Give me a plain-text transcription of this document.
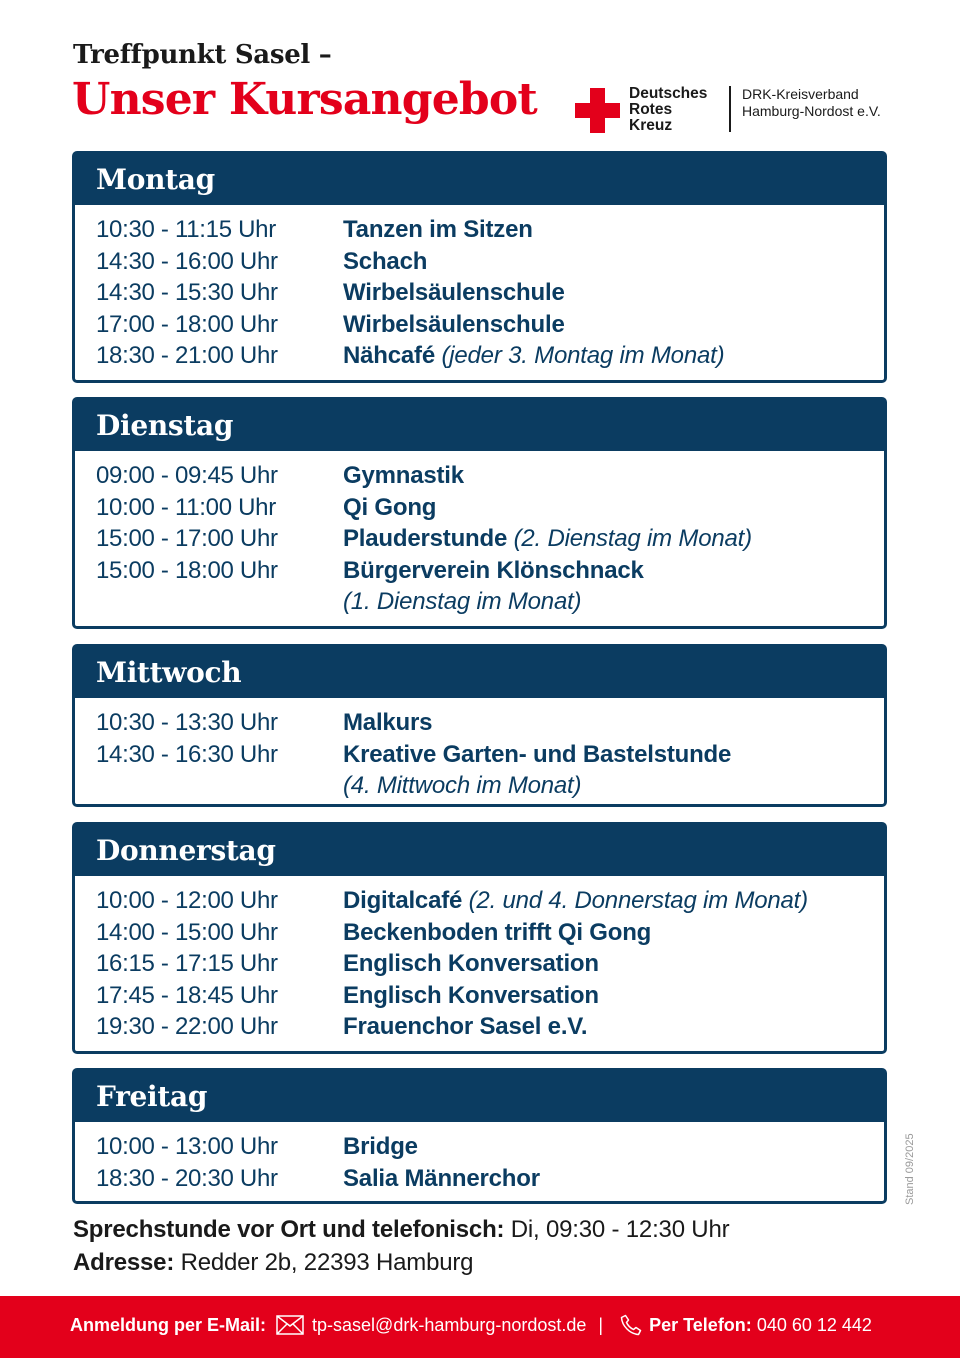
Treffpunkt Sasel –
Unser Kursangebot	Deutsches
Rotes
Kreuz
DRK-Kreisverband
Hamburg-Nordost e.V.
Montag
10:30 - 11:15 Uhr	Tanzen im Sitzen
14:30 - 16:00 Uhr	Schach
14:30 - 15:30 Uhr	Wirbelsäulenschule
17:00 - 18:00 Uhr	Wirbelsäulenschule
18:30 - 21:00 Uhr	Nähcafé (jeder 3. Montag im Monat)
Dienstag
09:00 - 09:45 Uhr	Gymnastik
10:00 - 11:00 Uhr	Qi Gong
15:00 - 17:00 Uhr	Plauderstunde (2. Dienstag im Monat)
15:00 - 18:00 Uhr	Bürgerverein Klönschnack
(1. Dienstag im Monat)
Mittwoch
10:30 - 13:30 Uhr	Malkurs
14:30 - 16:30 Uhr	Kreative Garten- und Bastelstunde
(4. Mittwoch im Monat)
Donnerstag
10:00 - 12:00 Uhr	Digitalcafé (2. und 4. Donnerstag im Monat)
14:00 - 15:00 Uhr	Beckenboden trifft Qi Gong
16:15 - 17:15 Uhr	Englisch Konversation
17:45 - 18:45 Uhr	Englisch Konversation
19:30 - 22:00 Uhr	Frauenchor Sasel e.V.
Freitag
10:00 - 13:00 Uhr	Bridge
18:30 - 20:30 Uhr	Salia Männerchor	Stand 09/2025
Sprechstunde vor Ort und telefonisch: Di, 09:30 - 12:30 Uhr
Adresse: Redder 2b, 22393 Hamburg
Anmeldung per E-Mail:	tp-sasel@drk-hamburg-nordost.de |	Per Telefon:
040 60 12 442
